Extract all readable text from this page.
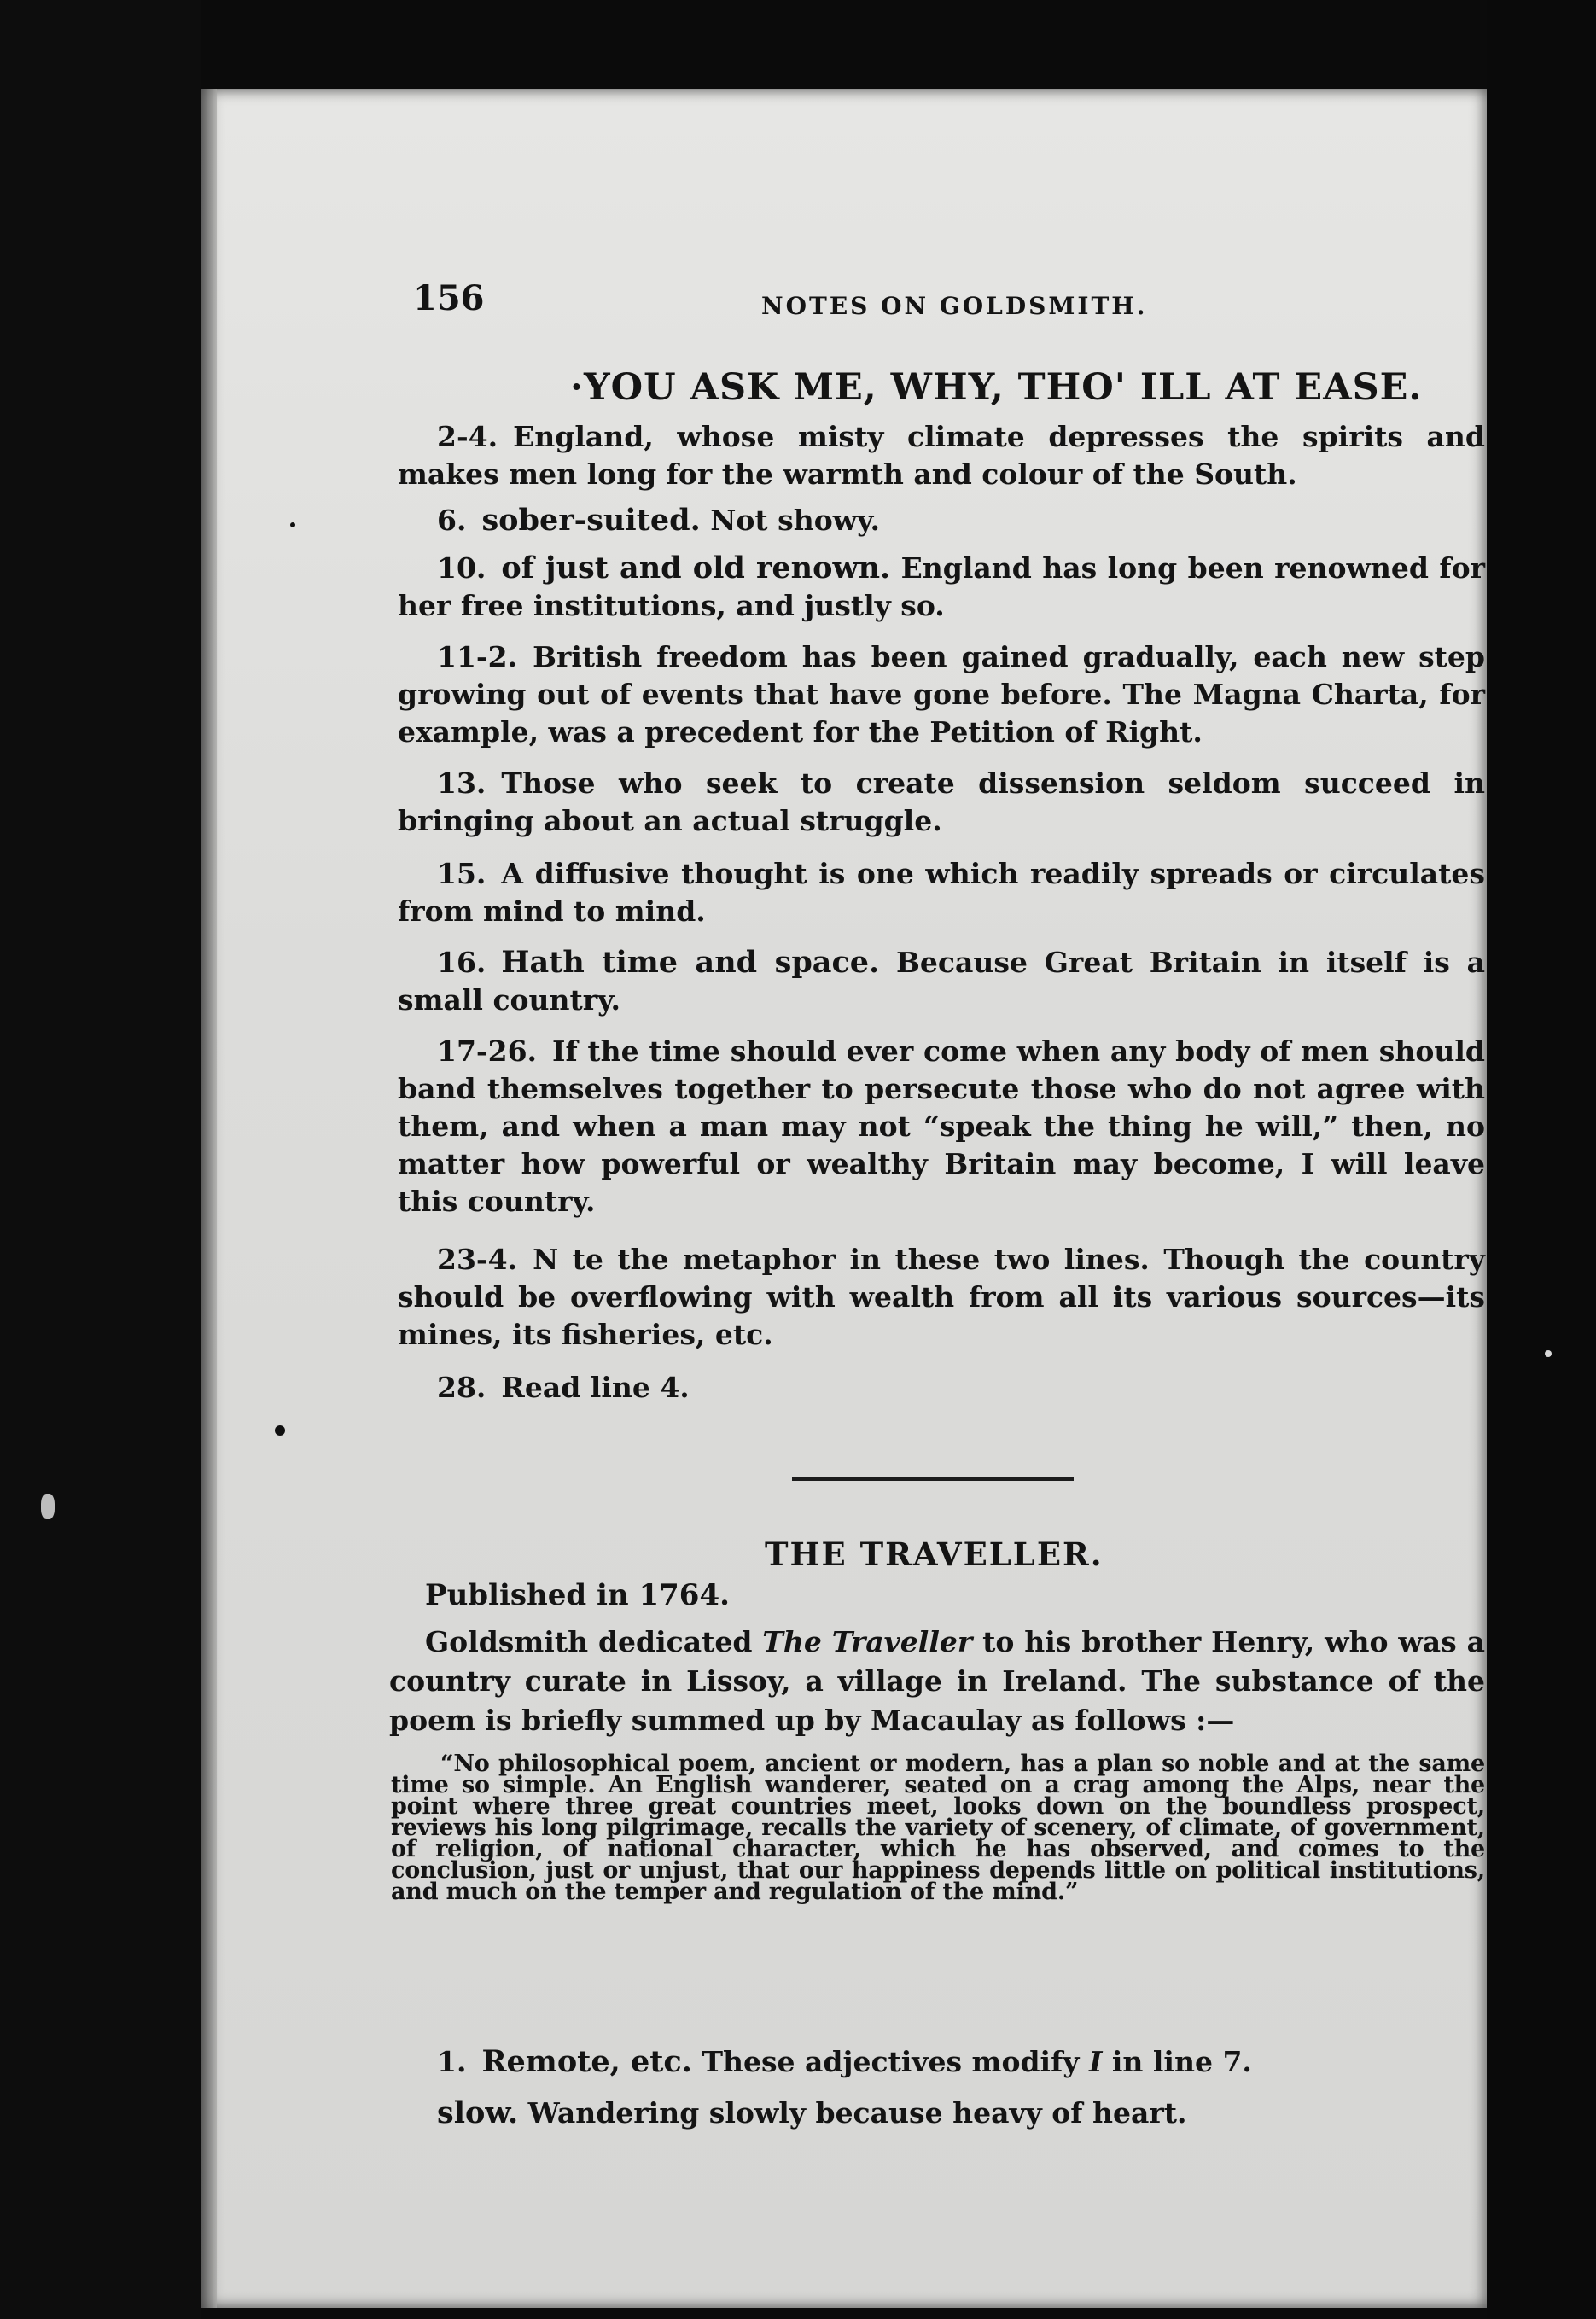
156	NOTES ON GOLDSMITH.
·YOU ASK ME, WHY, THO' ILL AT EASE.
2-4. England, whose misty climate depresses the spirits and makes men long for the warmth and colour of the South.
6. sober-suited. Not showy.
10. of just and old renown. England has long been renowned for her free institutions, and justly so.
11-2. British freedom has been gained gradually, each new step growing out of events that have gone before. The Magna Charta, for example, was a precedent for the Petition of Right.
13. Those who seek to create dissension seldom succeed in bringing about an actual struggle.
15. A diffusive thought is one which readily spreads or circulates from mind to mind.
16. Hath time and space. Because Great Britain in itself is a small country.
17-26. If the time should ever come when any body of men should band themselves together to persecute those who do not agree with them, and when a man may not “speak the thing he will,” then, no matter how powerful or wealthy Britain may become, I will leave this country.
23-4. N te the metaphor in these two lines. Though the country should be overflowing with wealth from all its various sources—its mines, its fisheries, etc.
28. Read line 4.
THE TRAVELLER.
Published in 1764.
Goldsmith dedicated The Traveller to his brother Henry, who was a country curate in Lissoy, a village in Ireland. The substance of the poem is briefly summed up by Macaulay as follows :—
“No philosophical poem, ancient or modern, has a plan so noble and at the same time so simple. An English wanderer, seated on a crag among the Alps, near the point where three great countries meet, looks down on the boundless prospect, reviews his long pilgrimage, recalls the variety of scenery, of climate, of government, of religion, of national character, which he has observed, and comes to the conclusion, just or unjust, that our happiness depends little on political institutions, and much on the temper and regulation of the mind.”
1. Remote, etc. These adjectives modify I in line 7.
slow. Wandering slowly because heavy of heart.
